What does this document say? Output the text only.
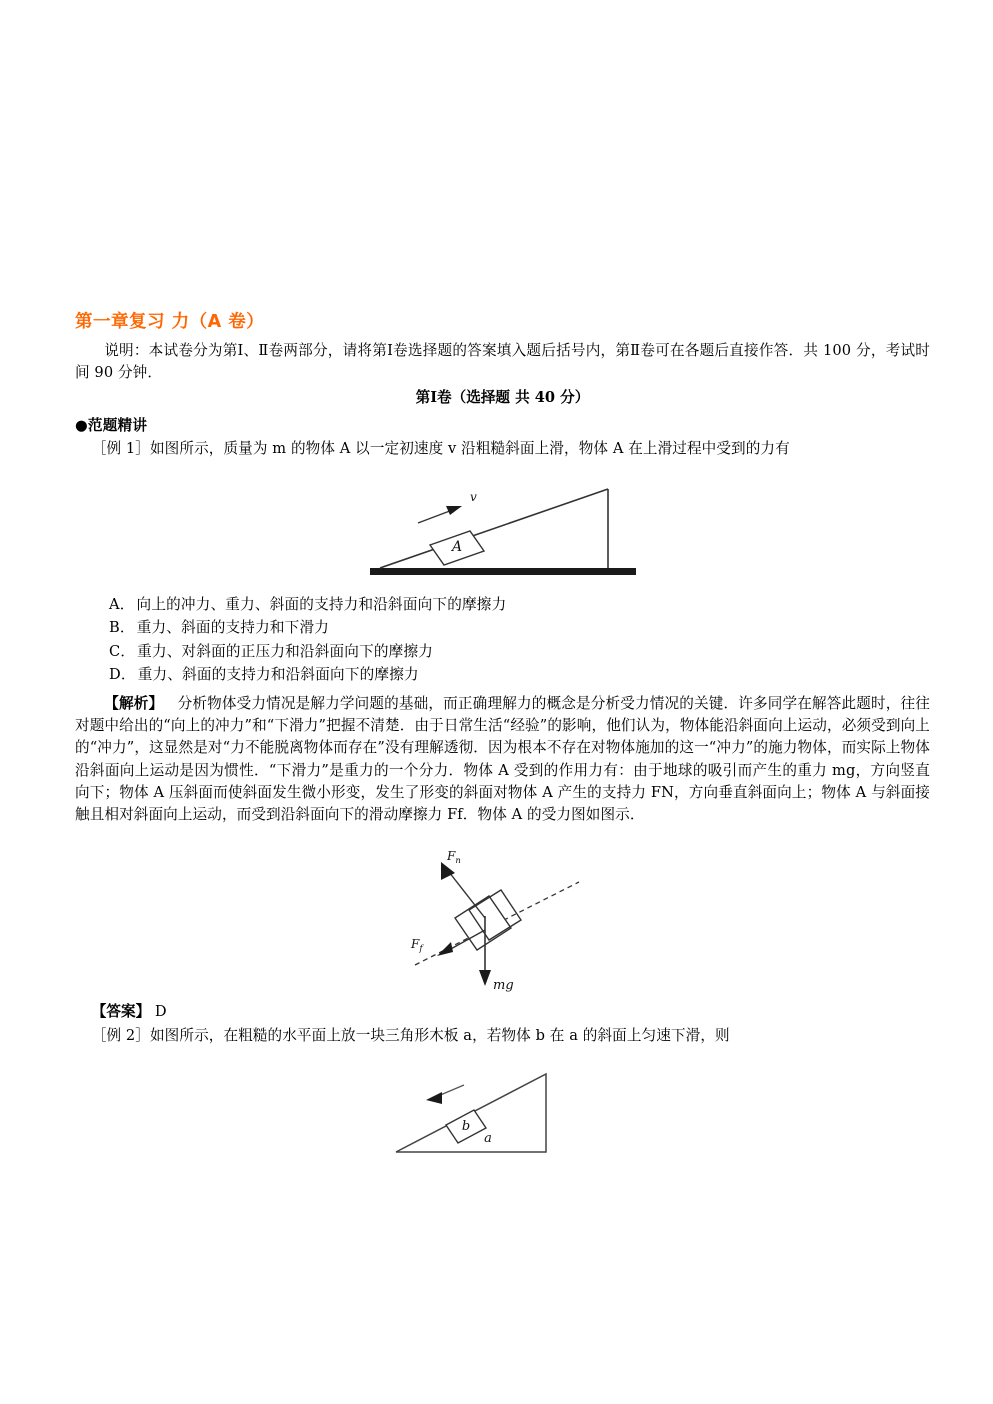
第一章复习 力（A 卷）

说明：本试卷分为第Ⅰ、Ⅱ卷两部分，请将第Ⅰ卷选择题的答案填入题后括号内，第Ⅱ卷可在各题后直接作答．共 100 分，考试时间 90 分钟．

第Ⅰ卷（选择题 共 40 分）

●范题精讲

［例 1］如图所示，质量为 m 的物体 A 以一定初速度 v 沿粗糙斜面上滑，物体 A 在上滑过程中受到的力有

A
v
A． 向上的冲力、重力、斜面的支持力和沿斜面向下的摩擦力
B． 重力、斜面的支持力和下滑力
C． 重力、对斜面的正压力和沿斜面向下的摩擦力
D． 重力、斜面的支持力和沿斜面向下的摩擦力

【解析】 分析物体受力情况是解力学问题的基础，而正确理解力的概念是分析受力情况的关键．许多同学在解答此题时，往往对题中给出的“向上的冲力”和“下滑力”把握不清楚．由于日常生活“经验”的影响，他们认为，物体能沿斜面向上运动，必须受到向上的“冲力”，这显然是对“力不能脱离物体而存在”没有理解透彻．因为根本不存在对物体施加的这一“冲力”的施力物体，而实际上物体沿斜面向上运动是因为惯性．“下滑力”是重力的一个分力．物体 A 受到的作用力有：由于地球的吸引而产生的重力 mg，方向竖直向下；物体 A 压斜面而使斜面发生微小形变，发生了形变的斜面对物体 A 产生的支持力 FN，方向垂直斜面向上；物体 A 与斜面接触且相对斜面向上运动，而受到沿斜面向下的滑动摩擦力 Ff．物体 A 的受力图如图示．

$F_n$
$F_f$
mg

【答案】 D

［例 2］如图所示，在粗糙的水平面上放一块三角形木板 a，若物体 b 在 a 的斜面上匀速下滑，则

b
a
